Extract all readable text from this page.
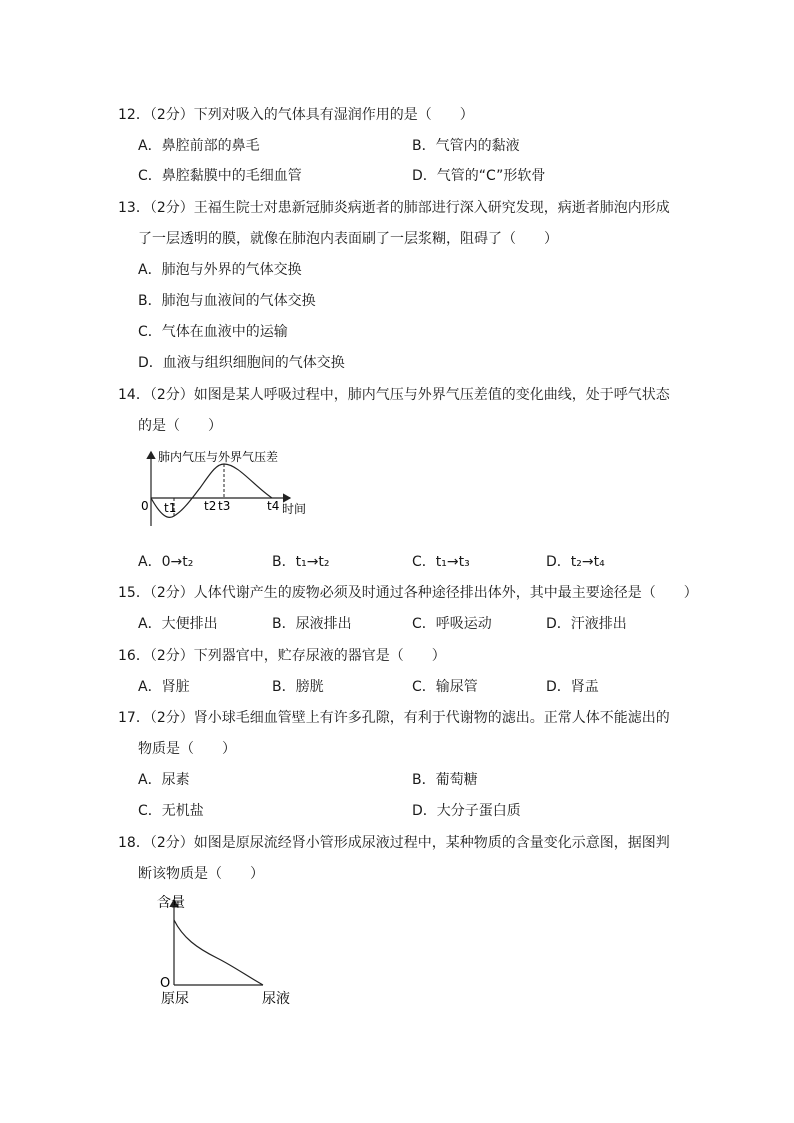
12．（2分）下列对吸入的气体具有湿润作用的是（　　）
A．鼻腔前部的鼻毛	B．气管内的黏液
C．鼻腔黏膜中的毛细血管	D．气管的“C”形软骨
13．（2分）王福生院士对患新冠肺炎病逝者的肺部进行深入研究发现，病逝者肺泡内形成
了一层透明的膜，就像在肺泡内表面刷了一层浆糊，阻碍了（　　）
A．肺泡与外界的气体交换
B．肺泡与血液间的气体交换
C．气体在血液中的运输
D．血液与组织细胞间的气体交换
14．（2分）如图是某人呼吸过程中，肺内气压与外界气压差值的变化曲线，处于呼气状态
的是（　　）
肺内气压与外界气压差
0 t1 t2 t3	t4 时间
A．0→t₂	B．t₁→t₂	C．t₁→t₃	D．t₂→t₄
15．（2分）人体代谢产生的废物必须及时通过各种途径排出体外，其中最主要途径是（　　）
A．大便排出	B．尿液排出	C．呼吸运动	D．汗液排出
16．（2分）下列器官中，贮存尿液的器官是（　　）
A．肾脏	B．膀胱	C．输尿管	D．肾盂
17．（2分）肾小球毛细血管壁上有许多孔隙，有利于代谢物的滤出。正常人体不能滤出的
物质是（　　）
A．尿素	B．葡萄糖
C．无机盐	D．大分子蛋白质
18．（2分）如图是原尿流经肾小管形成尿液过程中，某种物质的含量变化示意图，据图判
断该物质是（　　）
含量
O
原尿	尿液
